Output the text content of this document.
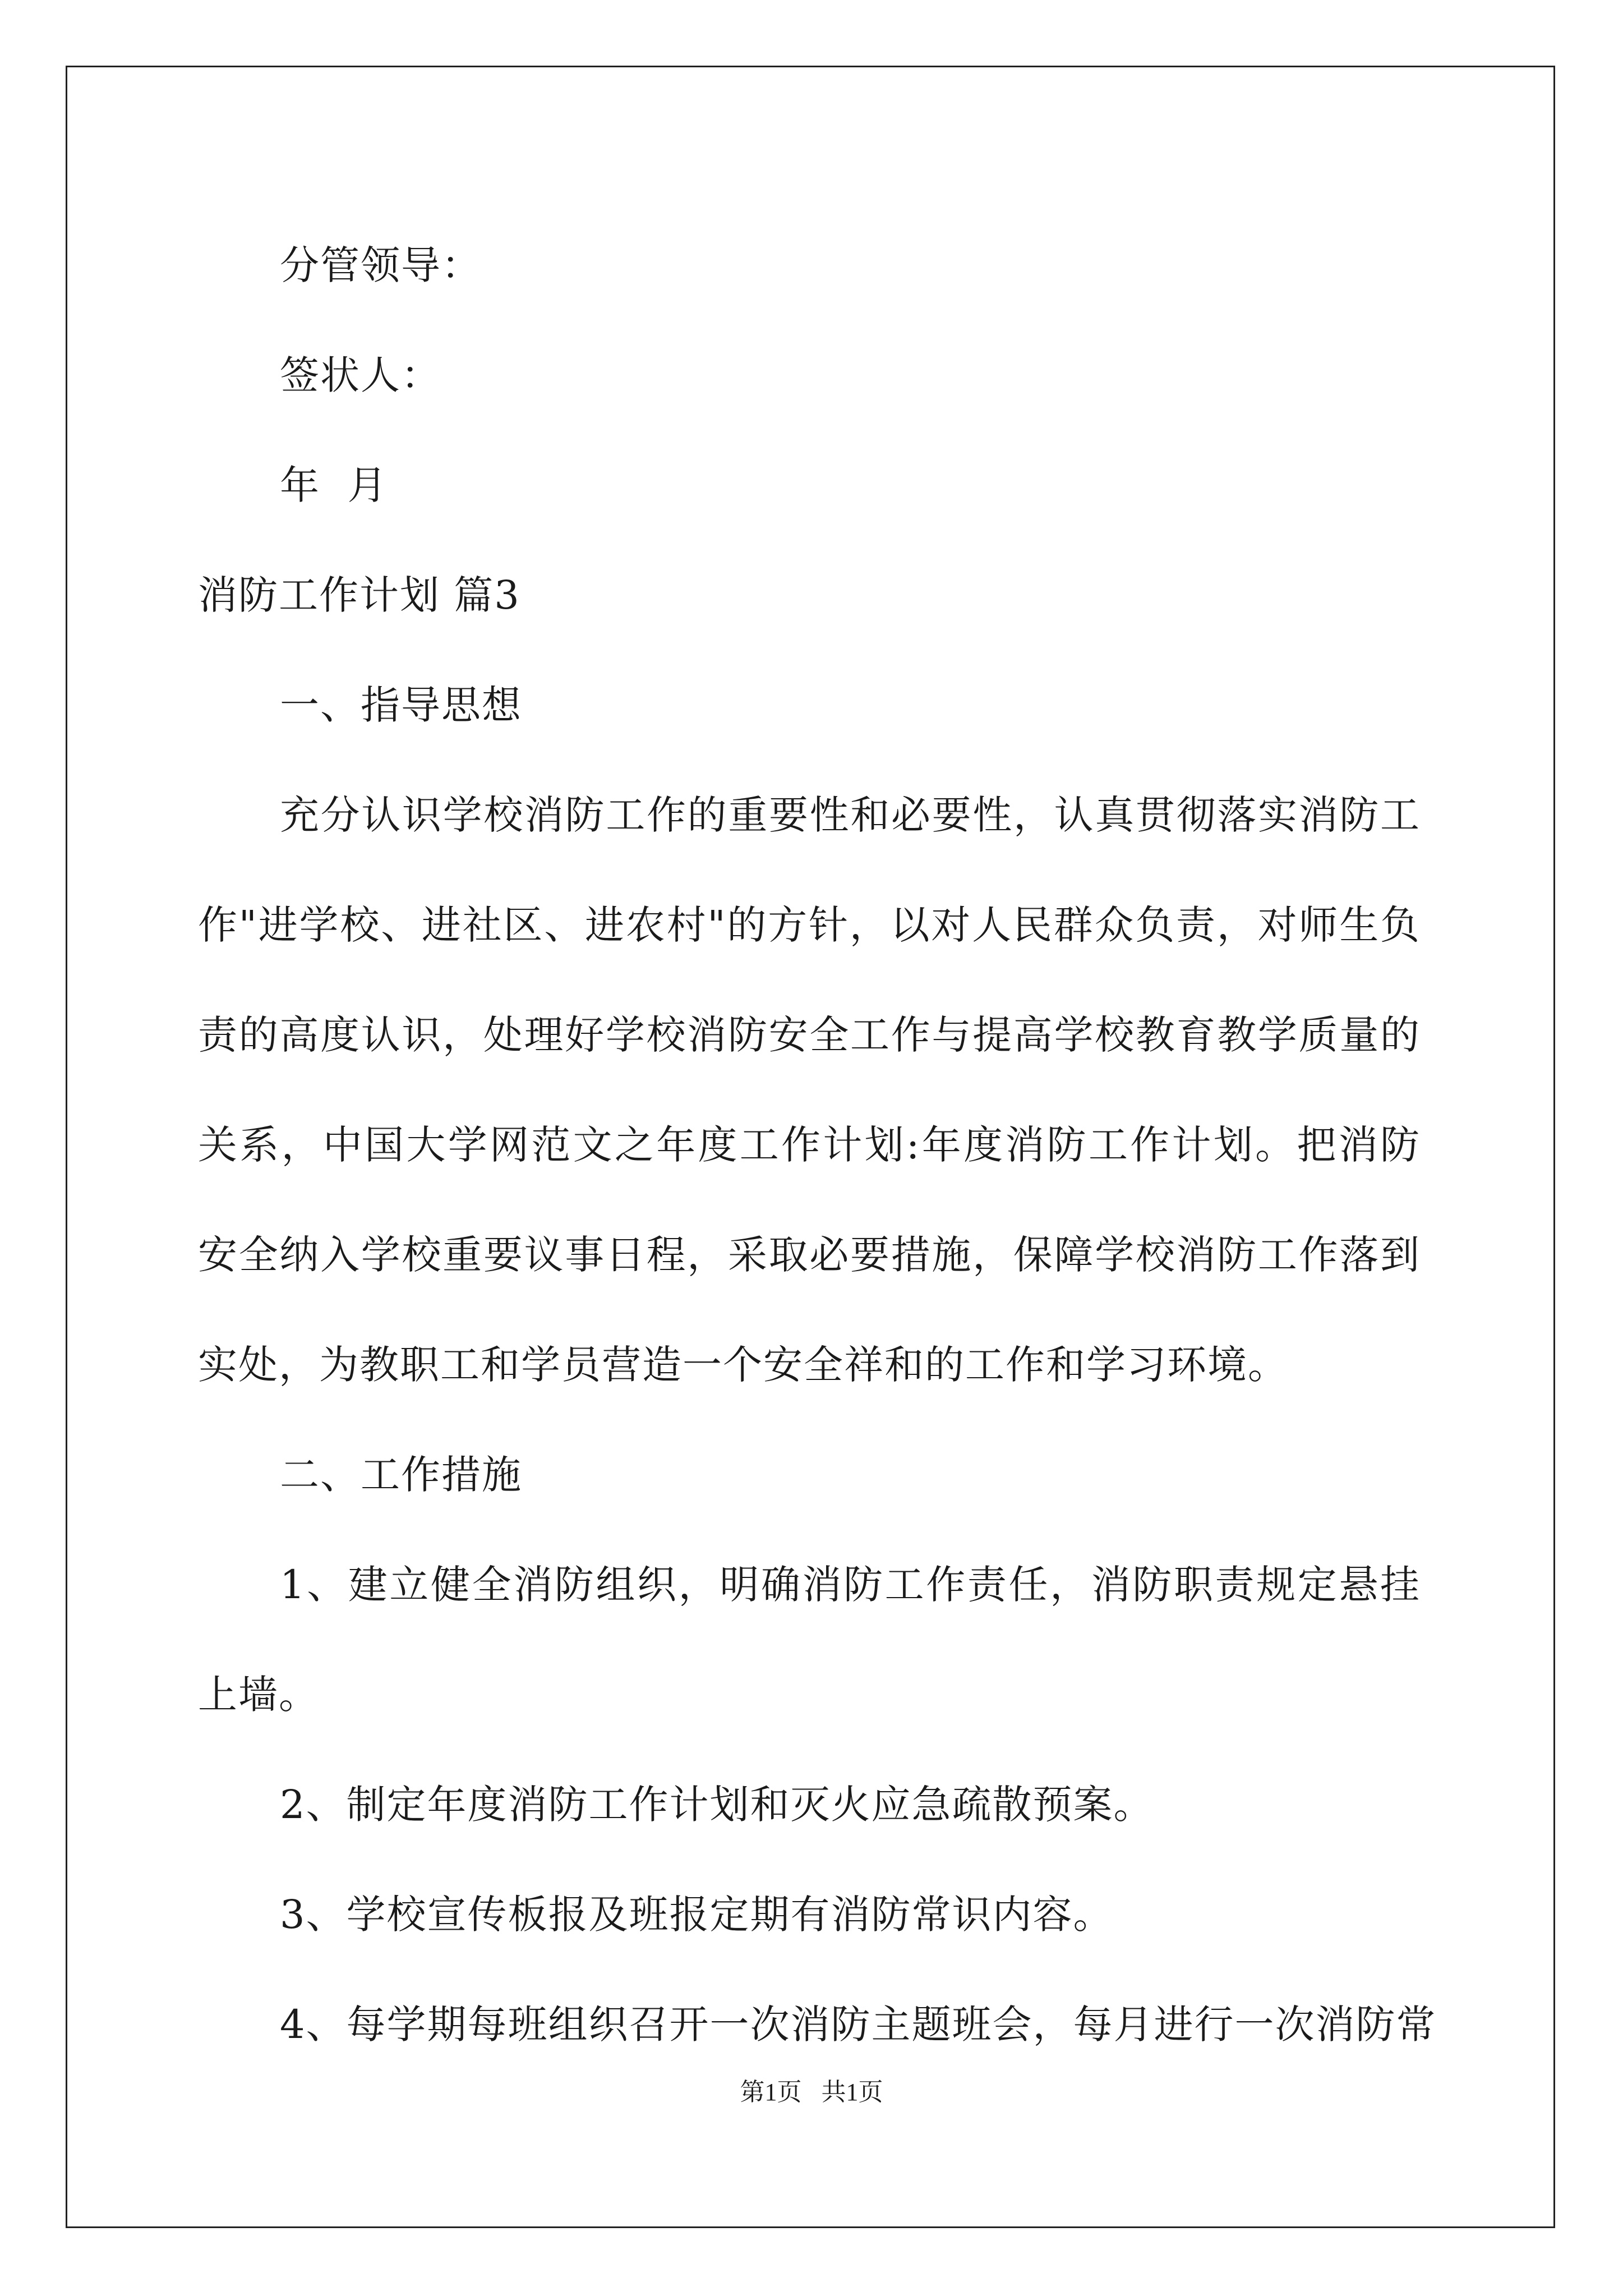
分管领导：

签状人：

年  月

消防工作计划 篇3

一、指导思想

充分认识学校消防工作的重要性和必要性，认真贯彻落实消防工作"进学校、进社区、进农村"的方针，以对人民群众负责，对师生负责的高度认识，处理好学校消防安全工作与提高学校教育教学质量的关系，中国大学网范文之年度工作计划:年度消防工作计划。把消防安全纳入学校重要议事日程，采取必要措施，保障学校消防工作落到实处，为教职工和学员营造一个安全祥和的工作和学习环境。

二、工作措施

1、建立健全消防组织，明确消防工作责任，消防职责规定悬挂上墙。

2、制定年度消防工作计划和灭火应急疏散预案。

3、学校宣传板报及班报定期有消防常识内容。

4、每学期每班组织召开一次消防主题班会，每月进行一次消防常

第1页 共1页
